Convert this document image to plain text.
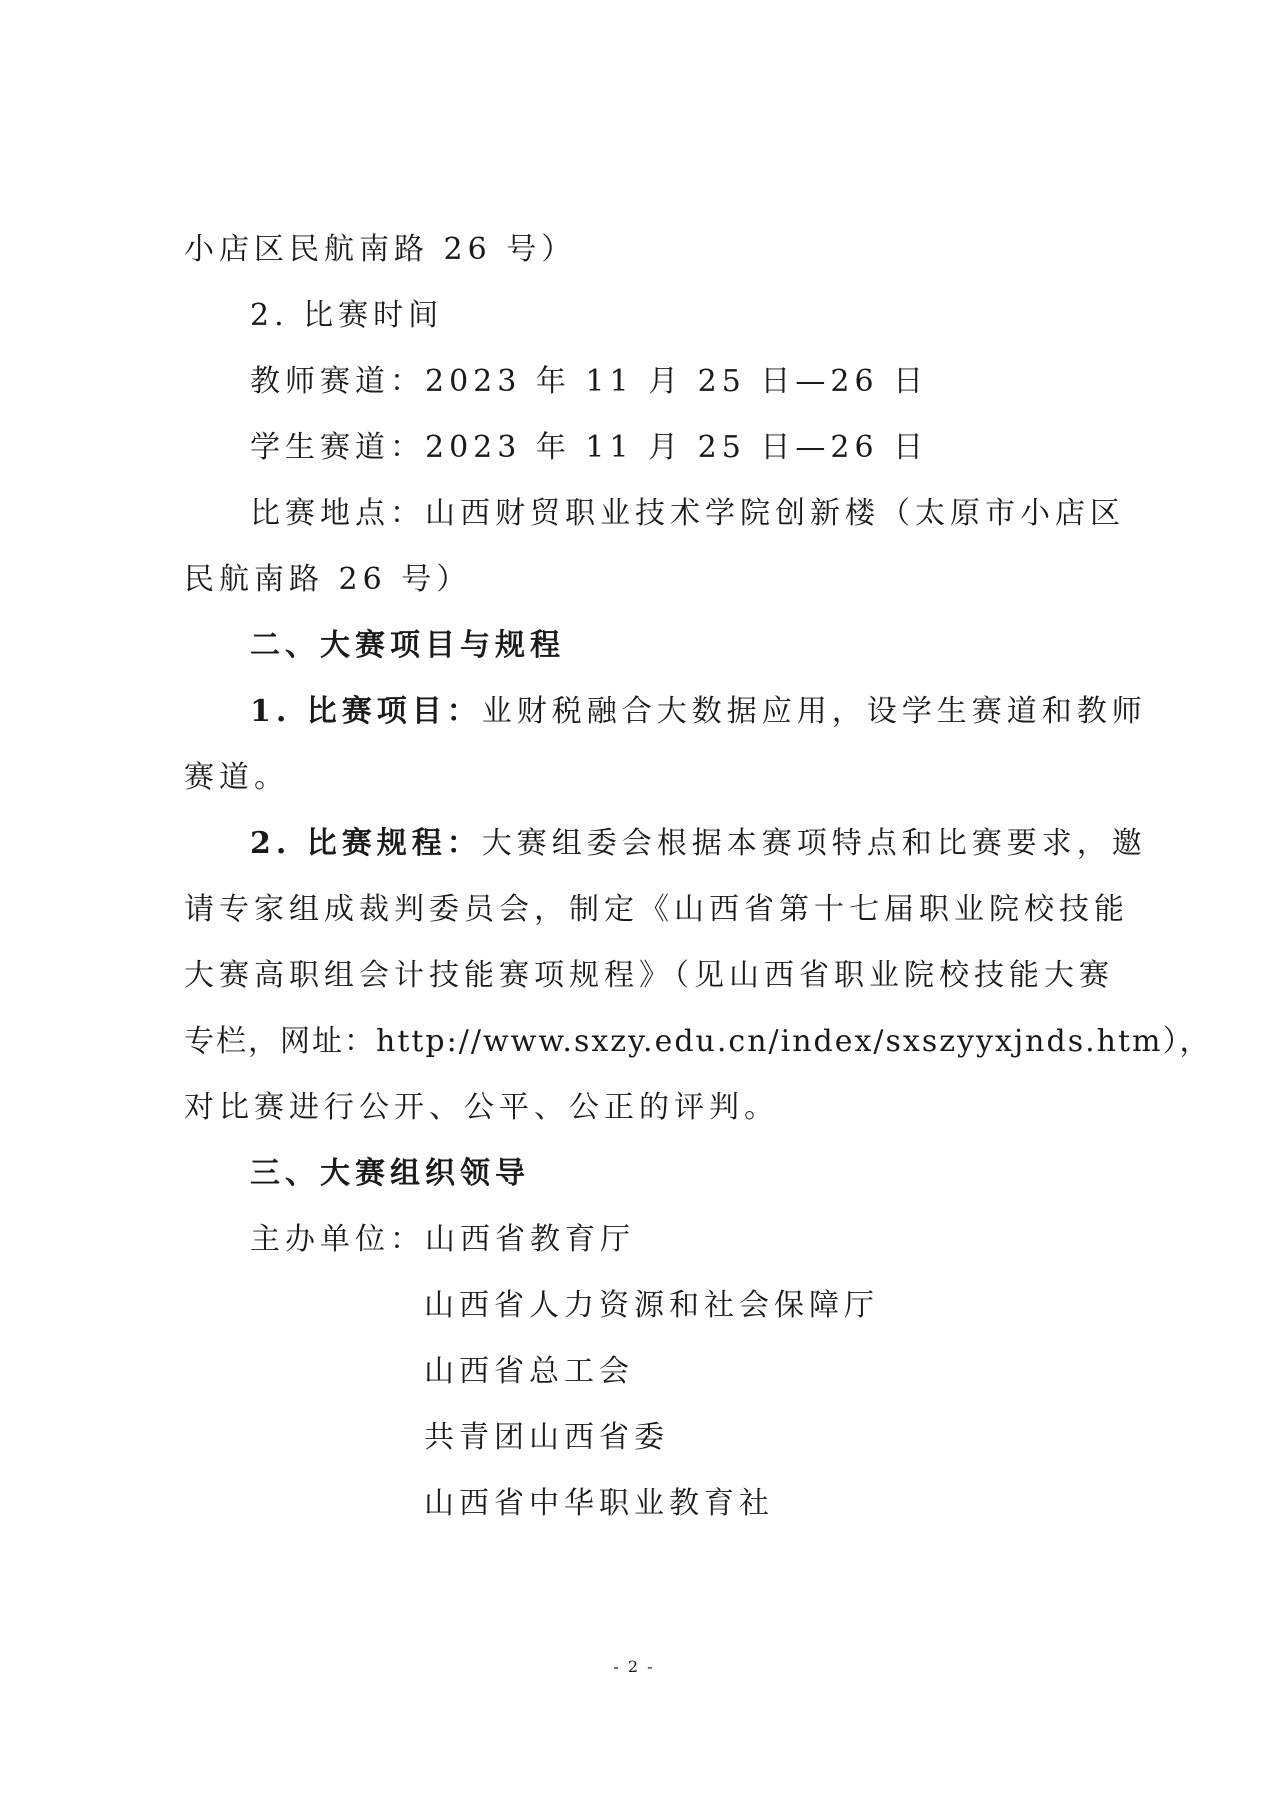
小店区民航南路 26 号）
2. 比赛时间
教师赛道：2023 年 11 月 25 日—26 日
学生赛道：2023 年 11 月 25 日—26 日
比赛地点：山西财贸职业技术学院创新楼（太原市小店区
民航南路 26 号）
二、大赛项目与规程
1. 比赛项目：业财税融合大数据应用，设学生赛道和教师
赛道。
2. 比赛规程：大赛组委会根据本赛项特点和比赛要求，邀
请专家组成裁判委员会，制定《山西省第十七届职业院校技能
大赛高职组会计技能赛项规程》（见山西省职业院校技能大赛
专栏，网址：http://www.sxzy.edu.cn/index/sxszyyxjnds.htm），
对比赛进行公开、公平、公正的评判。
三、大赛组织领导
主办单位：山西省教育厅
山西省人力资源和社会保障厅
山西省总工会
共青团山西省委
山西省中华职业教育社
- 2 -
